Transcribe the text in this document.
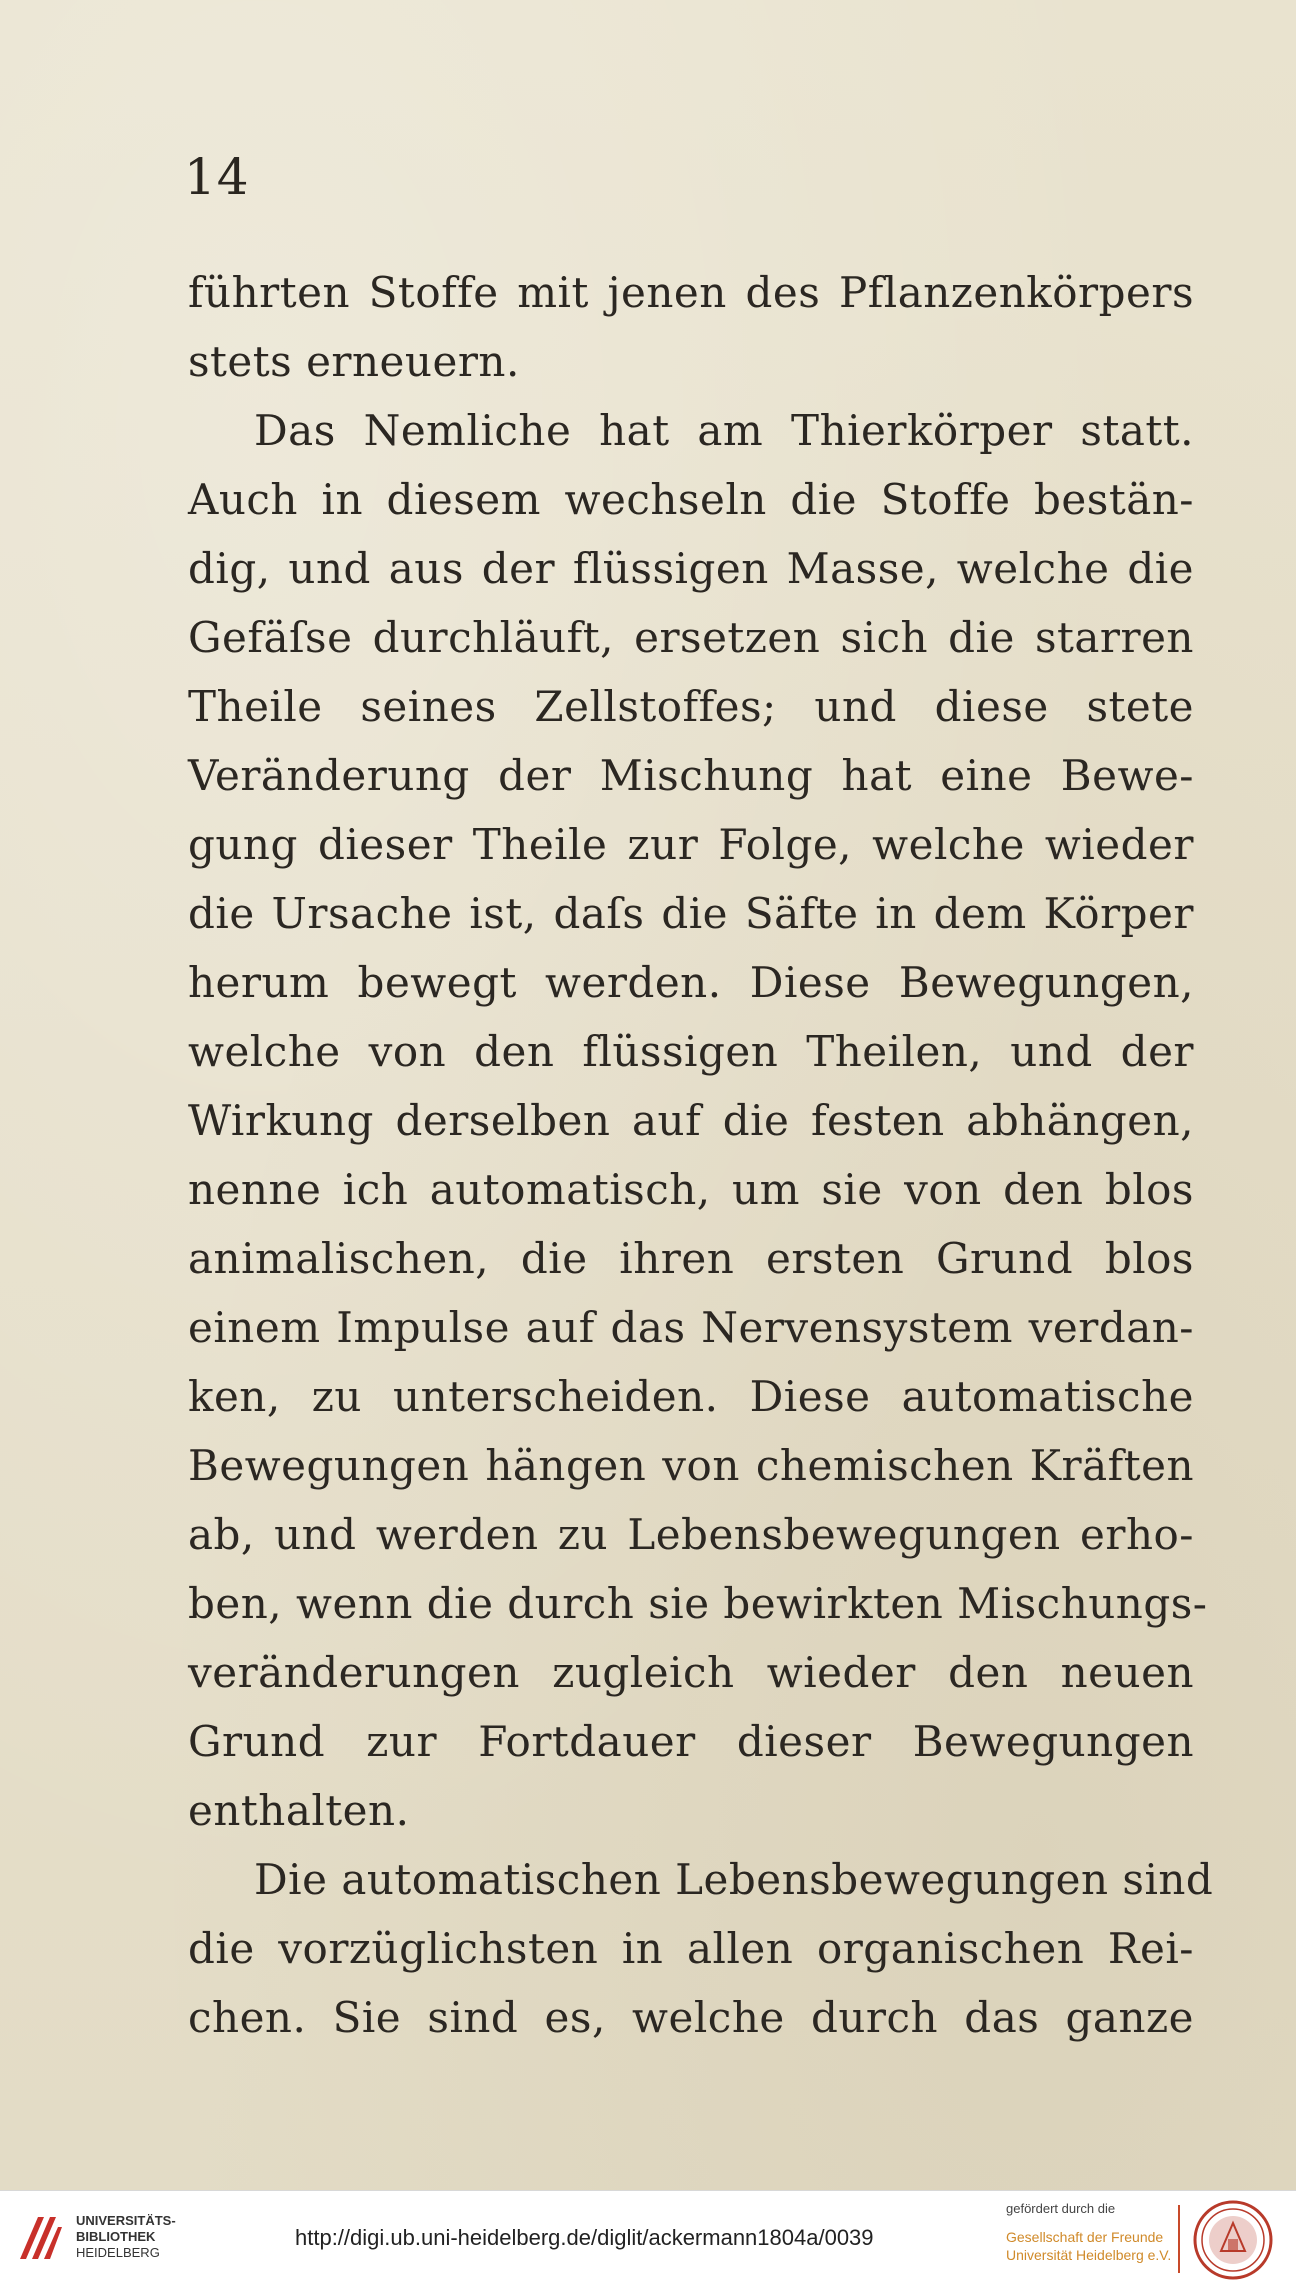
14
führten Stoffe mit jenen des Pflanzenkörpers
stets erneuern.
Das Nemliche hat am Thierkörper statt.
Auch in diesem wechseln die Stoffe bestän-
dig, und aus der flüssigen Masse, welche die
Gefäſse durchläuft, ersetzen sich die starren
Theile seines Zellstoffes; und diese stete
Veränderung der Mischung hat eine Bewe-
gung dieser Theile zur Folge, welche wieder
die Ursache ist, daſs die Säfte in dem Körper
herum bewegt werden. Diese Bewegungen,
welche von den flüssigen Theilen, und der
Wirkung derselben auf die festen abhängen,
nenne ich automatisch, um sie von den blos
animalischen, die ihren ersten Grund blos
einem Impulse auf das Nervensystem verdan-
ken, zu unterscheiden. Diese automatische
Bewegungen hängen von chemischen Kräften
ab, und werden zu Lebensbewegungen erho-
ben, wenn die durch sie bewirkten Mischungs-
veränderungen zugleich wieder den neuen
Grund zur Fortdauer dieser Bewegungen
enthalten.
Die automatischen Lebensbewegungen sind
die vorzüglichsten in allen organischen Rei-
chen. Sie sind es, welche durch das ganze
UNIVERSITÄTS-
BIBLIOTHEK
HEIDELBERG
http://digi.ub.uni-heidelberg.de/diglit/ackermann1804a/0039
gefördert durch die
Gesellschaft der Freunde
Universität Heidelberg e.V.
